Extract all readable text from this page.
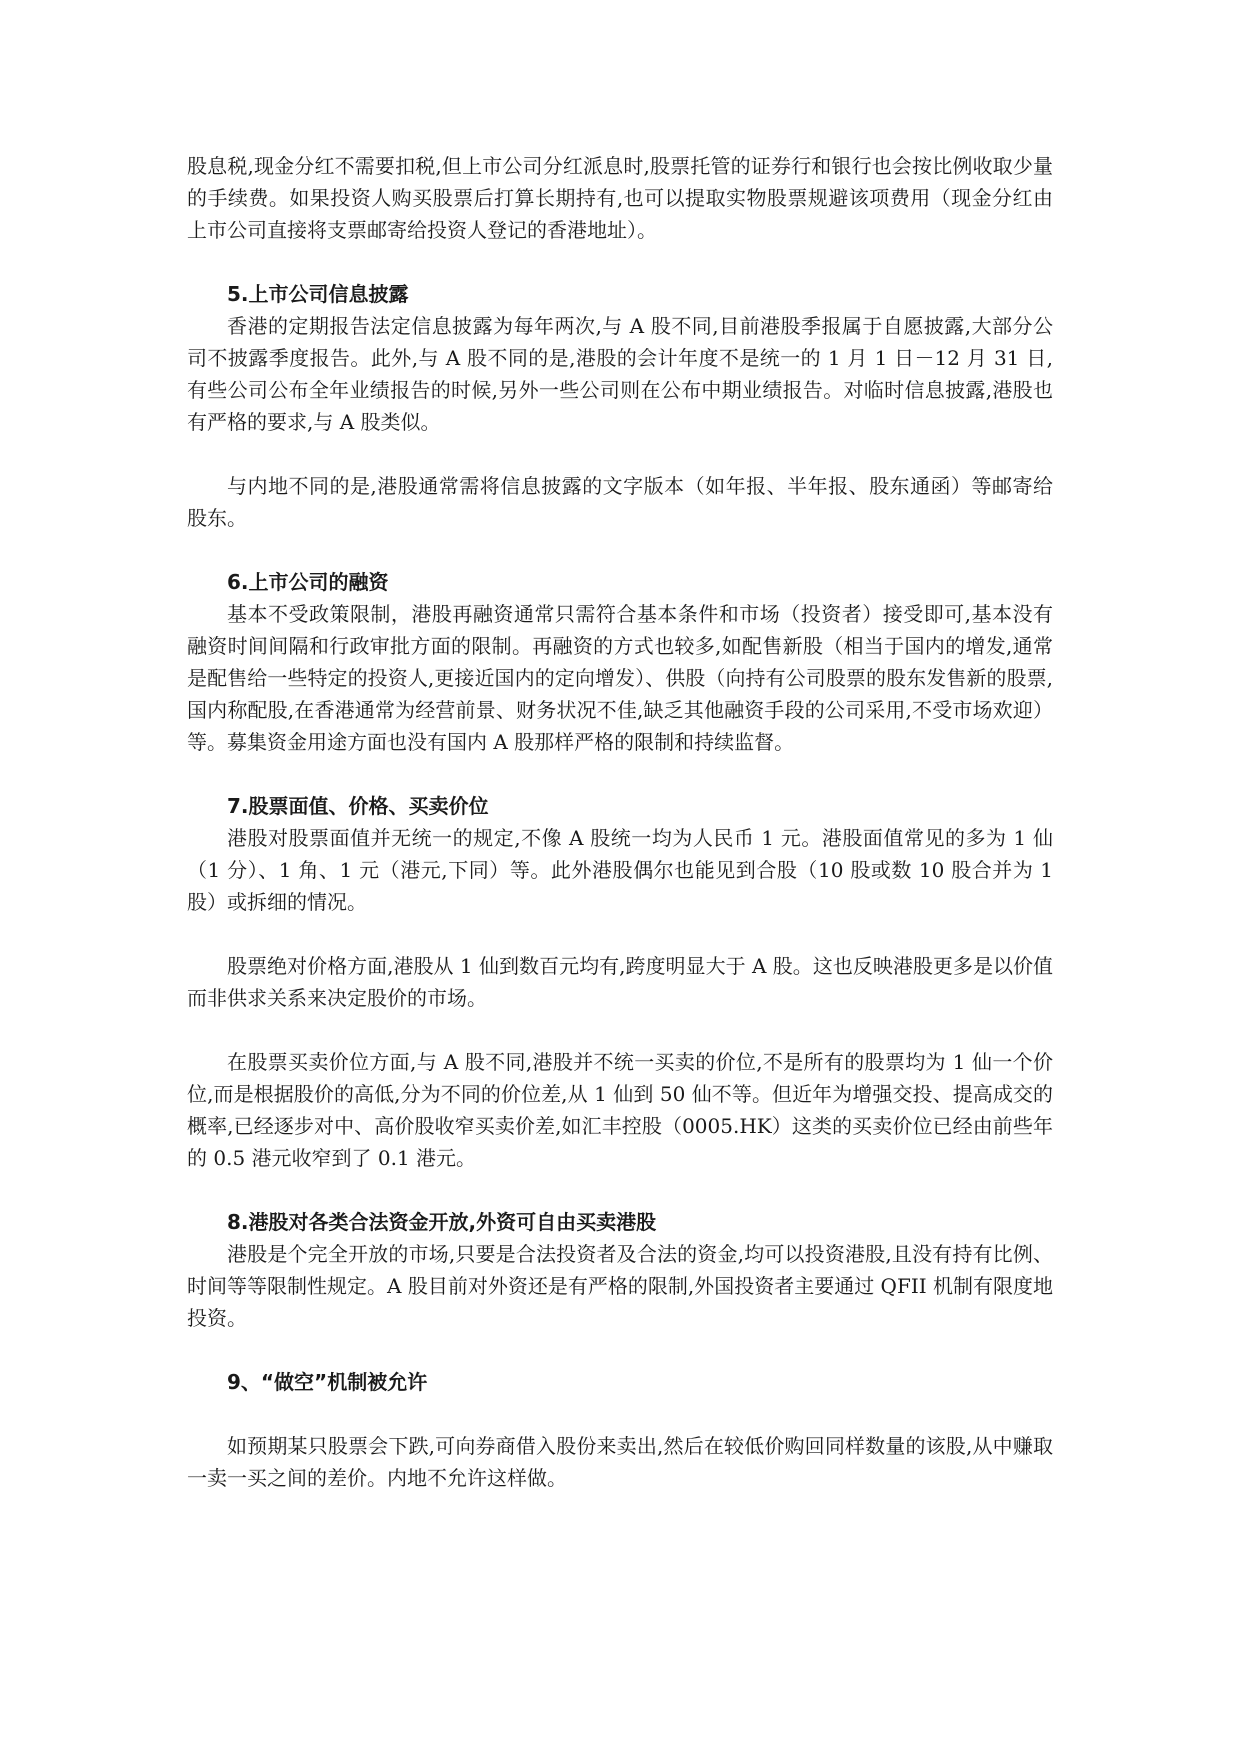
股息税,现金分红不需要扣税,但上市公司分红派息时,股票托管的证券行和银行也会按比例收取少量的手续费。如果投资人购买股票后打算长期持有,也可以提取实物股票规避该项费用（现金分红由上市公司直接将支票邮寄给投资人登记的香港地址）。

5.上市公司信息披露

香港的定期报告法定信息披露为每年两次,与 A 股不同,目前港股季报属于自愿披露,大部分公司不披露季度报告。此外,与 A 股不同的是,港股的会计年度不是统一的 1 月 1 日－12 月 31 日,有些公司公布全年业绩报告的时候,另外一些公司则在公布中期业绩报告。对临时信息披露,港股也有严格的要求,与 A 股类似。

与内地不同的是,港股通常需将信息披露的文字版本（如年报、半年报、股东通函）等邮寄给股东。

6.上市公司的融资

基本不受政策限制，港股再融资通常只需符合基本条件和市场（投资者）接受即可,基本没有融资时间间隔和行政审批方面的限制。再融资的方式也较多,如配售新股（相当于国内的增发,通常是配售给一些特定的投资人,更接近国内的定向增发）、供股（向持有公司股票的股东发售新的股票,国内称配股,在香港通常为经营前景、财务状况不佳,缺乏其他融资手段的公司采用,不受市场欢迎）等。募集资金用途方面也没有国内 A 股那样严格的限制和持续监督。

7.股票面值、价格、买卖价位

港股对股票面值并无统一的规定,不像 A 股统一均为人民币 1 元。港股面值常见的多为 1 仙（1 分）、1 角、1 元（港元,下同）等。此外港股偶尔也能见到合股（10 股或数 10 股合并为 1 股）或拆细的情况。

股票绝对价格方面,港股从 1 仙到数百元均有,跨度明显大于 A 股。这也反映港股更多是以价值而非供求关系来决定股价的市场。

在股票买卖价位方面,与 A 股不同,港股并不统一买卖的价位,不是所有的股票均为 1 仙一个价位,而是根据股价的高低,分为不同的价位差,从 1 仙到 50 仙不等。但近年为增强交投、提高成交的概率,已经逐步对中、高价股收窄买卖价差,如汇丰控股（0005.HK）这类的买卖价位已经由前些年的 0.5 港元收窄到了 0.1 港元。

8.港股对各类合法资金开放,外资可自由买卖港股

港股是个完全开放的市场,只要是合法投资者及合法的资金,均可以投资港股,且没有持有比例、时间等等限制性规定。A 股目前对外资还是有严格的限制,外国投资者主要通过 QFII 机制有限度地投资。

9、“做空”机制被允许

如预期某只股票会下跌,可向券商借入股份来卖出,然后在较低价购回同样数量的该股,从中赚取一卖一买之间的差价。内地不允许这样做。
